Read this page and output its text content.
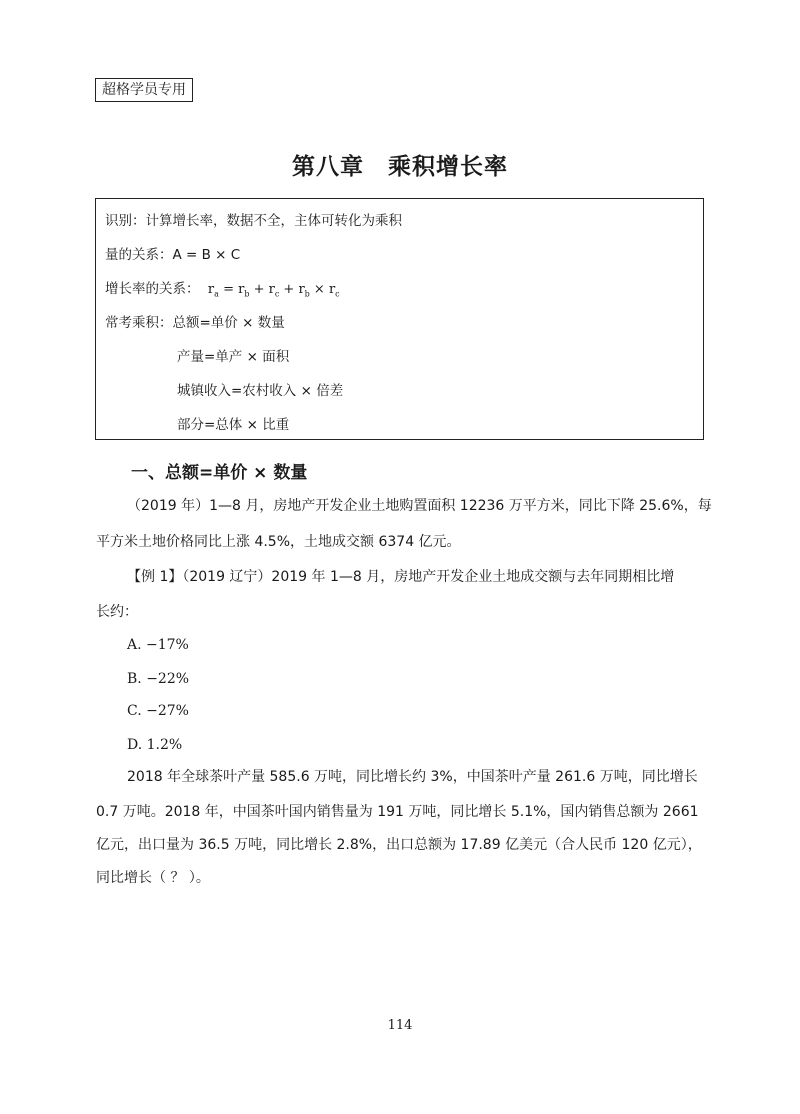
超格学员专用
第八章　乘积增长率
识别：计算增长率，数据不全，主体可转化为乘积
量的关系：A = B × C
增长率的关系：  $r_a = r_b + r_c + r_b \times r_c$
常考乘积：总额=单价 × 数量
产量=单产 × 面积
城镇收入=农村收入 × 倍差
部分=总体 × 比重
一、总额=单价 × 数量
（2019 年）1—8 月，房地产开发企业土地购置面积 12236 万平方米，同比下降 25.6%，每
平方米土地价格同比上涨 4.5%，土地成交额 6374 亿元。
【例 1】（2019 辽宁）2019 年 1—8 月，房地产开发企业土地成交额与去年同期相比增
长约：
A. −17%
B. −22%
C. −27%
D. 1.2%
2018 年全球茶叶产量 585.6 万吨，同比增长约 3%，中国茶叶产量 261.6 万吨，同比增长
0.7 万吨。2018 年，中国茶叶国内销售量为 191 万吨，同比增长 5.1%，国内销售总额为 2661
亿元，出口量为 36.5 万吨，同比增长 2.8%，出口总额为 17.89 亿美元（合人民币 120 亿元），
同比增长（ ？ ）。
114
